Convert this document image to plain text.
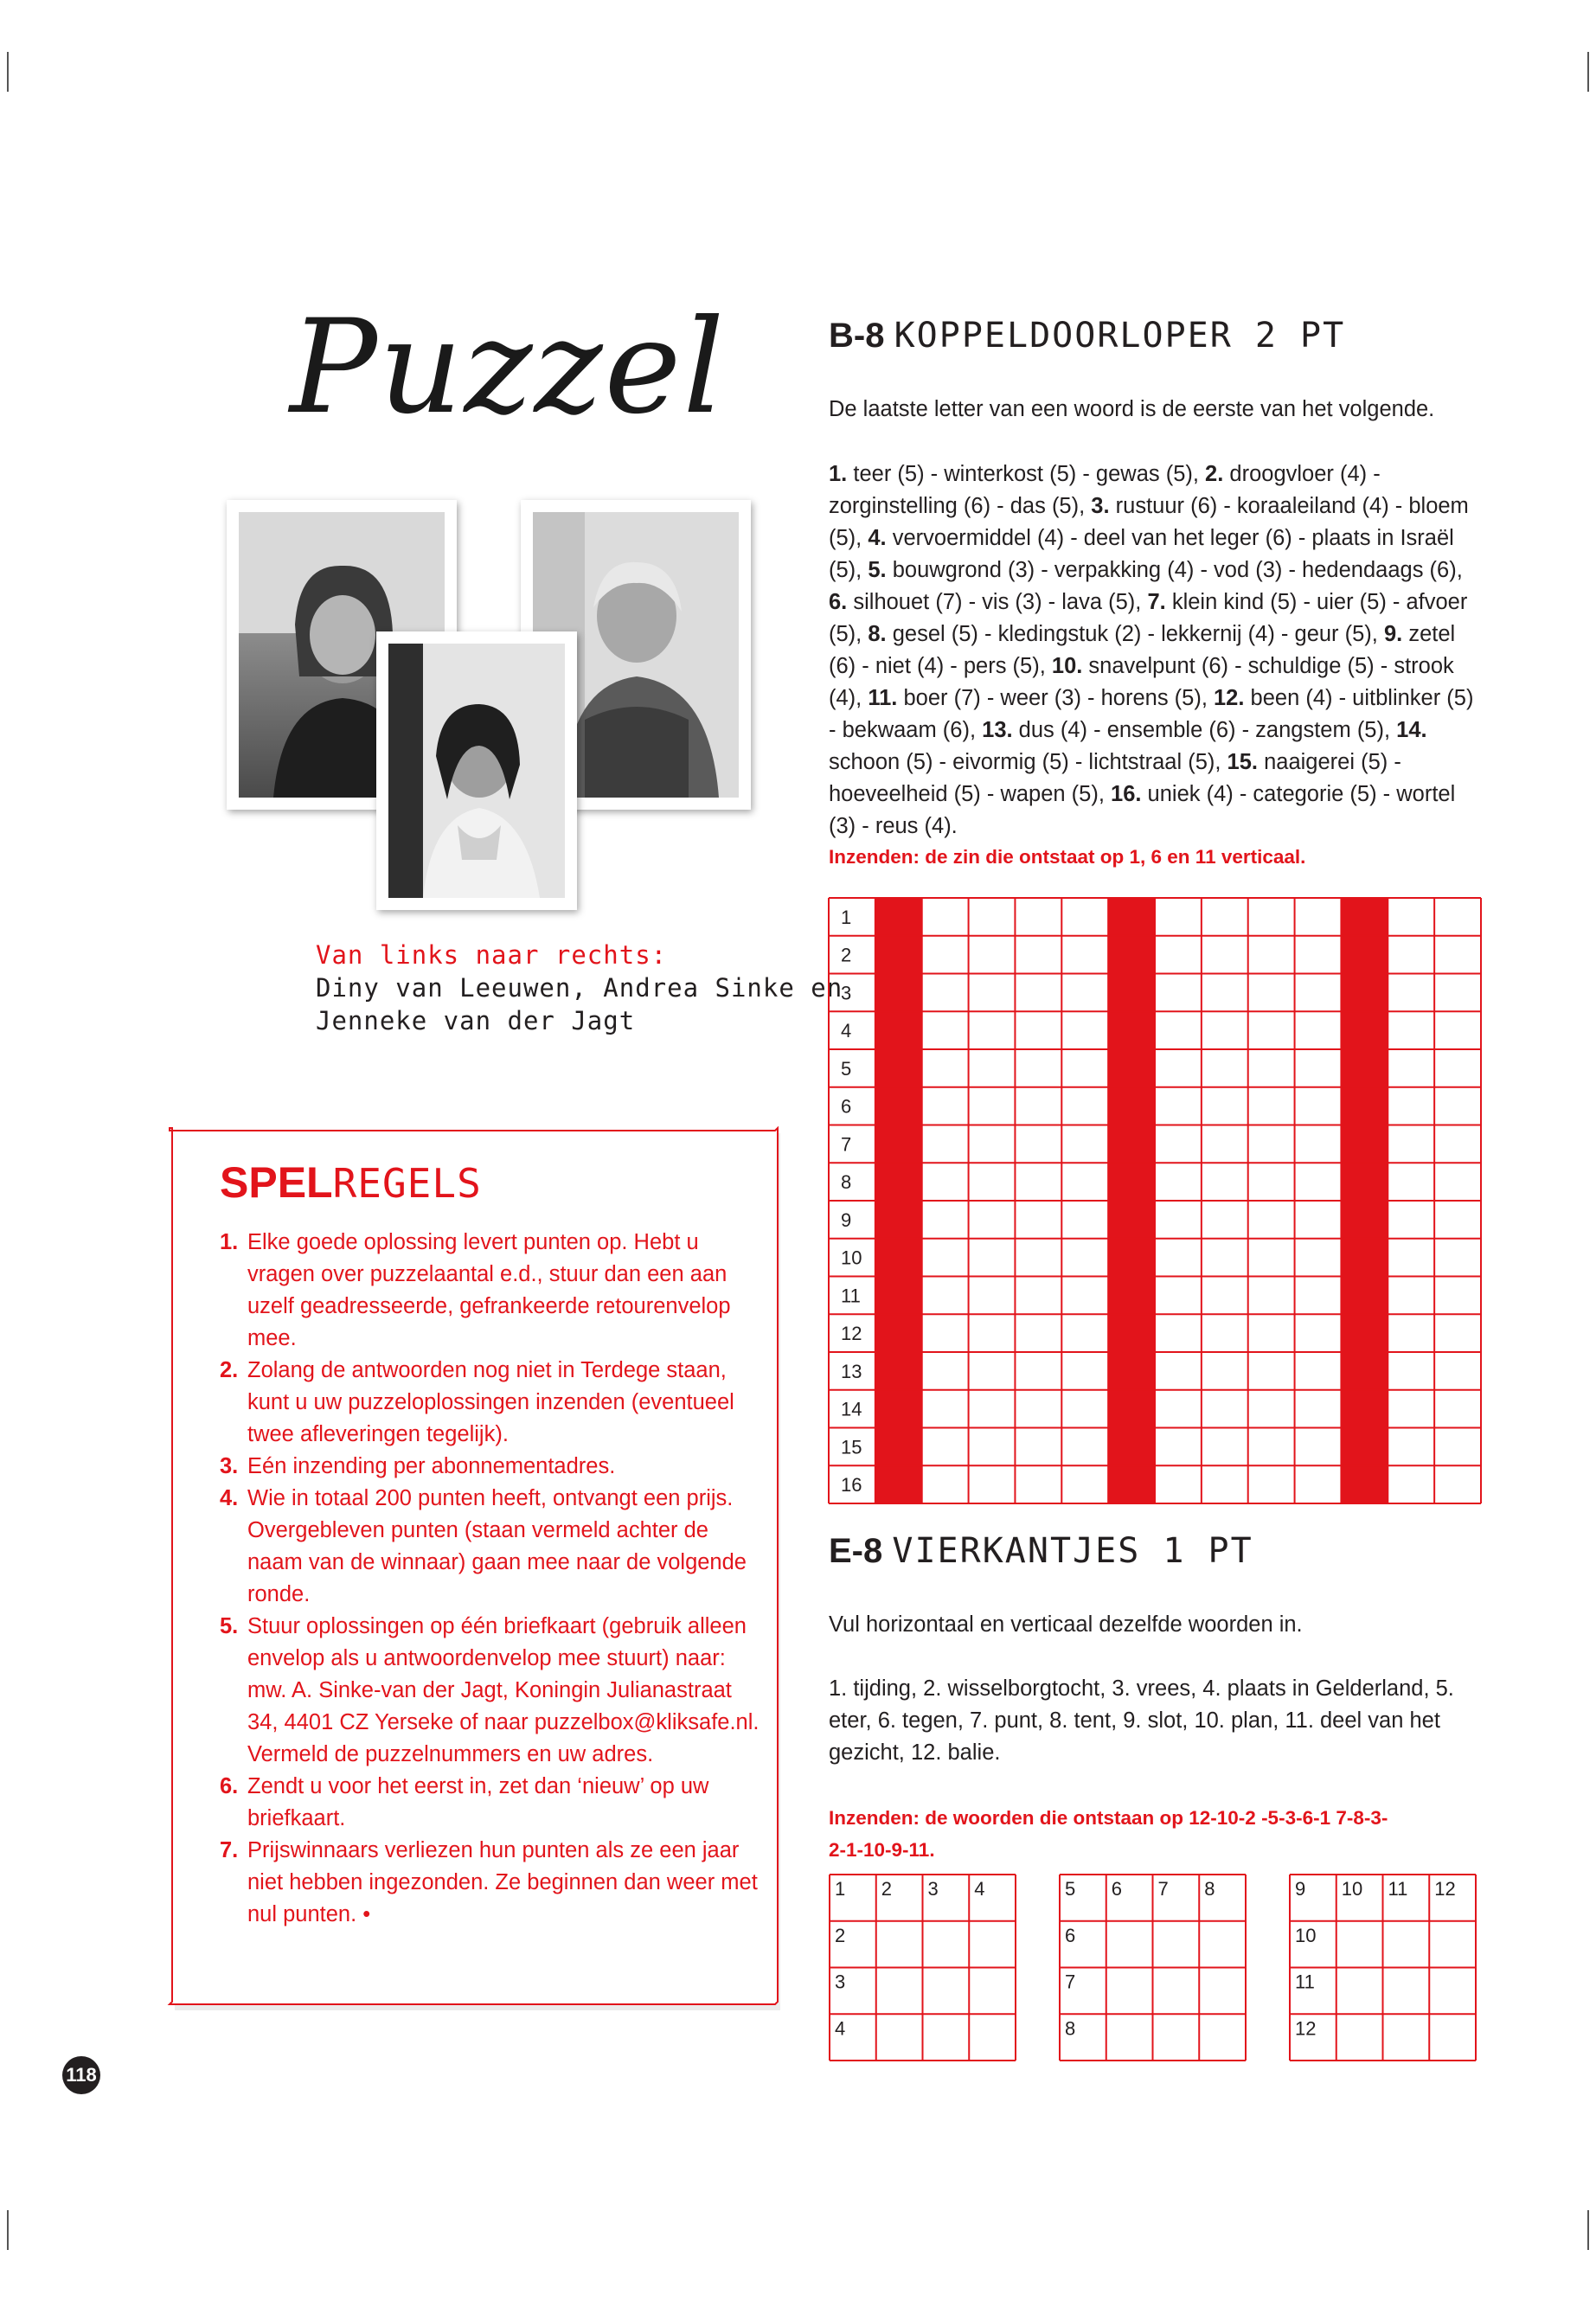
Puzzel
Van links naar rechts:
Diny van Leeuwen, Andrea Sinke en
Jenneke van der Jagt
SPELREGELS
1. Elke goede oplossing levert punten op. Hebt u vragen over puzzelaantal e.d., stuur dan een aan uzelf geadresseerde, gefrankeerde retourenvelop mee.
2. Zolang de antwoorden nog niet in Terdege staan, kunt u uw puzzeloplossingen inzenden (eventueel twee afleveringen tegelijk).
3. Eén inzending per abonnementadres.
4. Wie in totaal 200 punten heeft, ontvangt een prijs. Overgebleven punten (staan vermeld achter de naam van de winnaar) gaan mee naar de volgende ronde.
5. Stuur oplossingen op één briefkaart (gebruik alleen envelop als u antwoordenvelop mee stuurt) naar: mw. A. Sinke-van der Jagt, Koningin Julianastraat 34, 4401 CZ Yerseke of naar puzzelbox@kliksafe.nl. Vermeld de puzzelnummers en uw adres.
6. Zendt u voor het eerst in, zet dan ‘nieuw’ op uw briefkaart.
7. Prijswinnaars verliezen hun punten als ze een jaar niet hebben ingezonden. Ze beginnen dan weer met nul punten. •
B-8 KOPPELDOORLOPER 2 PT
De laatste letter van een woord is de eerste van het volgende.
1. teer (5) - winterkost (5) - gewas (5), 2. droogvloer (4) - zorginstelling (6) - das (5), 3. rustuur (6) - koraaleiland (4) - bloem (5), 4. vervoermiddel (4) - deel van het leger (6) - plaats in Israël (5), 5. bouwgrond (3) - verpakking (4) - vod (3) - hedendaags (6), 6. silhouet (7) - vis (3) - lava (5), 7. klein kind (5) - uier (5) - afvoer (5), 8. gesel (5) - kledingstuk (2) - lekkernij (4) - geur (5), 9. zetel (6) - niet (4) - pers (5), 10. snavelpunt (6) - schuldige (5) - strook (4), 11. boer (7) - weer (3) - horens (5), 12. been (4) - uitblinker (5) - bekwaam (6), 13. dus (4) - ensemble (6) - zangstem (5), 14. schoon (5) - eivormig (5) - lichtstraal (5), 15. naaigerei (5) - hoeveelheid (5) - wapen (5), 16. uniek (4) - categorie (5) - wortel (3) - reus (4).
Inzenden: de zin die ontstaat op 1, 6 en 11 verticaal.
1
2
3
4
5
6
7
8
9
10
11
12
13
14
15
16
E-8 VIERKANTJES 1 PT
Vul horizontaal en verticaal dezelfde woorden in.
1. tijding, 2. wisselborgtocht, 3. vrees, 4. plaats in Gelderland, 5. eter, 6. tegen, 7. punt, 8. tent, 9. slot, 10. plan, 11. deel van het gezicht, 12. balie.
Inzenden: de woorden die ontstaan op 12-10-2 -5-3-6-1 7-8-3-
2-1-10-9-11.
1 2 3 4
2
3
4
5 6 7 8
6
7
8
9 10 11 12
10
11
12
118
